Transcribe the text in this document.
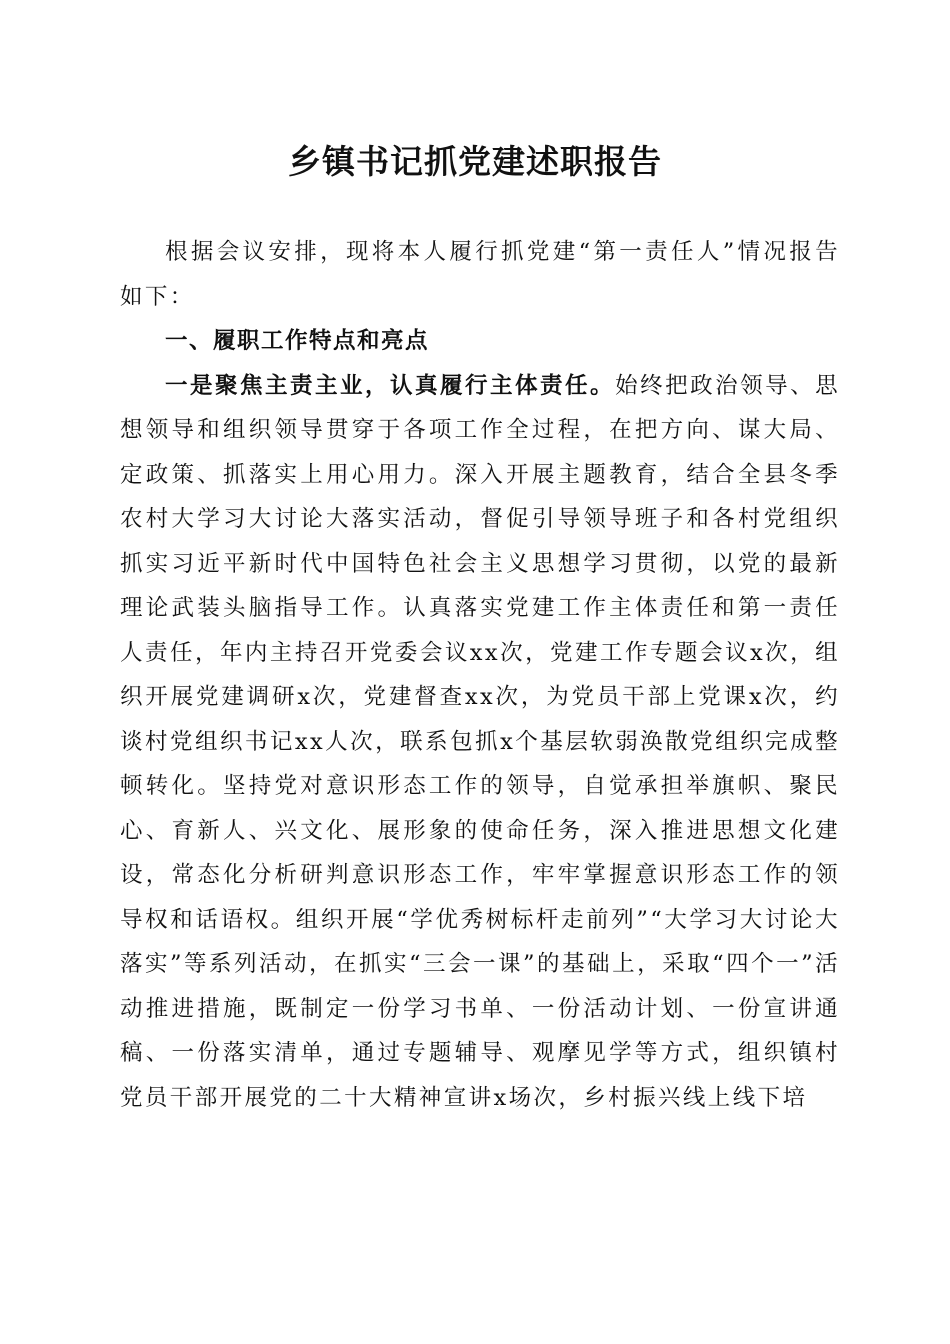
乡镇书记抓党建述职报告

根据会议安排，现将本人履行抓党建“第一责任人”情况报告如下：

一、履职工作特点和亮点

一是聚焦主责主业，认真履行主体责任。始终把政治领导、思想领导和组织领导贯穿于各项工作全过程，在把方向、谋大局、定政策、抓落实上用心用力。深入开展主题教育，结合全县冬季农村大学习大讨论大落实活动，督促引导领导班子和各村党组织抓实习近平新时代中国特色社会主义思想学习贯彻，以党的最新理论武装头脑指导工作。认真落实党建工作主体责任和第一责任人责任，年内主持召开党委会议xx次，党建工作专题会议x次，组织开展党建调研x次，党建督查xx次，为党员干部上党课x次，约谈村党组织书记xx人次，联系包抓x个基层软弱涣散党组织完成整顿转化。坚持党对意识形态工作的领导，自觉承担举旗帜、聚民心、育新人、兴文化、展形象的使命任务，深入推进思想文化建设，常态化分析研判意识形态工作，牢牢掌握意识形态工作的领导权和话语权。组织开展“学优秀树标杆走前列”“大学习大讨论大落实”等系列活动，在抓实“三会一课”的基础上，采取“四个一”活动推进措施，既制定一份学习书单、一份活动计划、一份宣讲通稿、一份落实清单，通过专题辅导、观摩见学等方式，组织镇村党员干部开展党的二十大精神宣讲x场次，乡村振兴线上线下培
